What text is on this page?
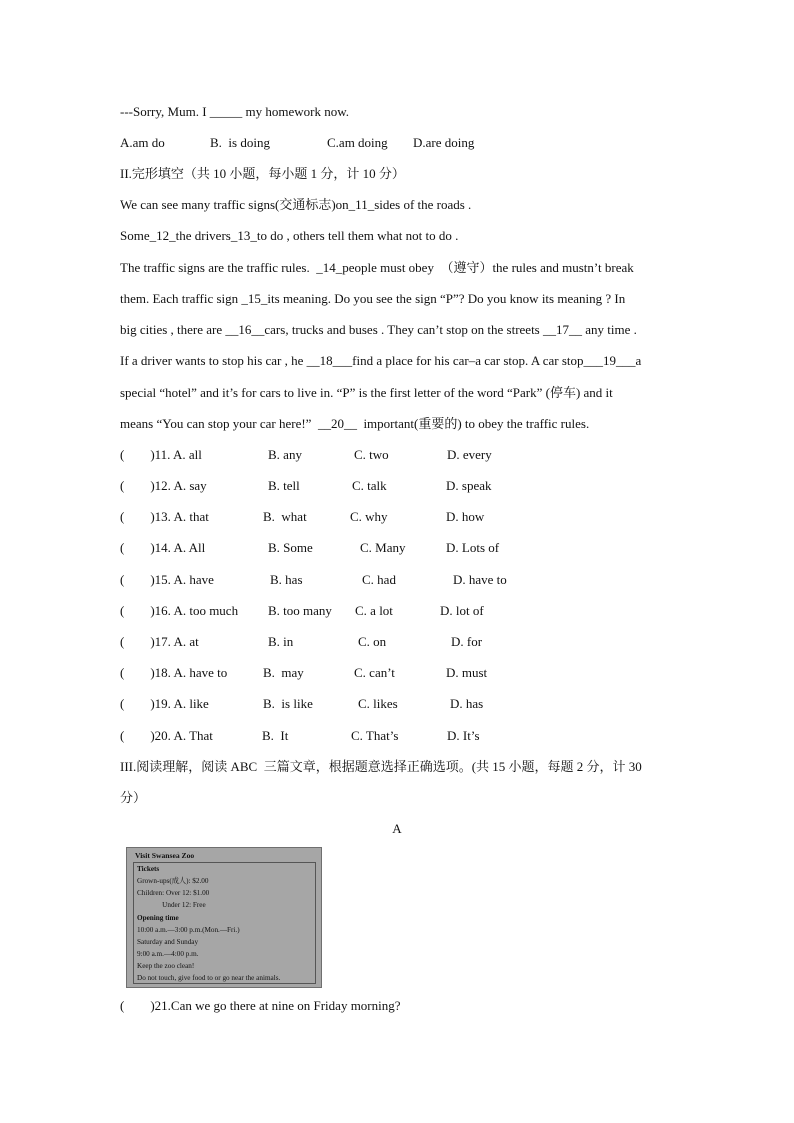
---Sorry, Mum. I _____ my homework now.
A.am do	B.  is doing	C.am doing D.are doing
II.完形填空（共 10 小题，每小题 1 分，计 10 分）
We can see many traffic signs(交通标志)on_11_sides of the roads .
Some_12_the drivers_13_to do , others tell them what not to do .
The traffic signs are the traffic rules.  _14_people must obey  （遵守）the rules and mustn’t break
them. Each traffic sign _15_its meaning. Do you see the sign “P”? Do you know its meaning ? In
big cities , there are __16__cars, trucks and buses . They can’t stop on the streets __17__ any time .
If a driver wants to stop his car , he __18___find a place for his car–a car stop. A car stop___19___a
special “hotel” and it’s for cars to live in. “P” is the first letter of the word “Park” (停车) and it
means “You can stop your car here!”  __20__  important(重要的) to obey the traffic rules.

(        )11. A. all

	B. any

	C. two

	D. every

(        )12. A. say

	B. tell

	C. talk

	D. speak

(        )13. A. that

	B.  what

	C. why

	D. how

(        )14. A. All

	B. Some

	C. Many

	D. Lots of

(        )15. A. have

	B. has

	C. had

	D. have to

(        )16. A. too much

B. too many

C. a lot

	D. lot of

(        )17. A. at

	B. in

	C. on

	D. for

(        )18. A. have to

	B.  may

	C. can’t

	D. must

(        )19. A. like

	B.  is like

	C. likes

	D. has

(        )20. A. That

	B.  It

	C. That’s

	D. It’s

III.阅读理解，阅读 ABC  三篇文章，根据题意选择正确选项。(共 15 小题，每题 2 分，计 30
分）
A
Visit Swansea Zoo
Tickets
Grown-ups(成人): $2.00
Children: Over 12: $1.00
Under 12: Free
Opening time
10:00 a.m.—3:00 p.m.(Mon.—Fri.)
Saturday and Sunday
9:00 a.m.—4:00 p.m.
Keep the zoo clean!
Do not touch, give food to or go near the animals.
(        )21.Can we go there at nine on Friday morning?
